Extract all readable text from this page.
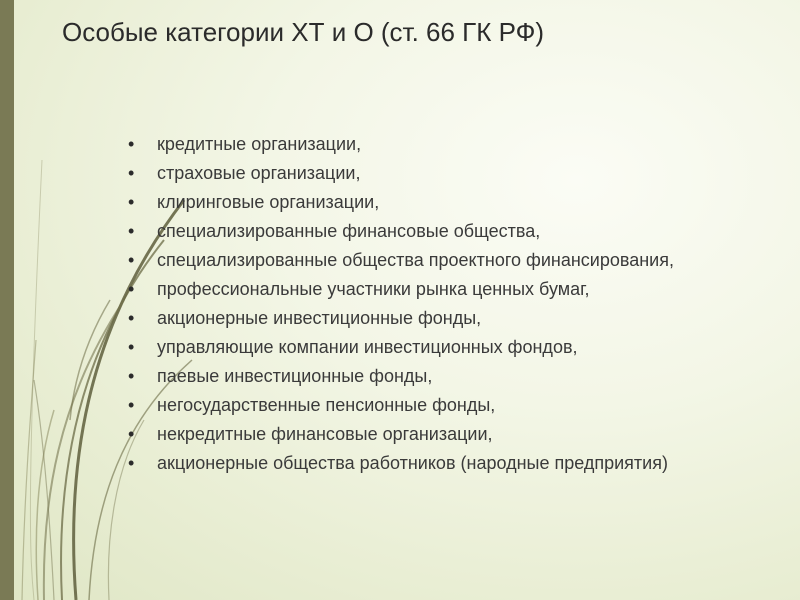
Особые категории ХТ и О (ст. 66 ГК РФ)
•	кредитные организации,
•	страховые организации,
•	клиринговые организации,
•	специализированные финансовые общества,
•	специализированные общества проектного финансирования,
•	профессиональные участники рынка ценных бумаг,
•	акционерные инвестиционные фонды,
•	управляющие компании инвестиционных фондов,
•	паевые инвестиционные фонды,
•	негосударственные пенсионные фонды,
•	некредитные финансовые организации,
•	акционерные общества работников (народные предприятия)
